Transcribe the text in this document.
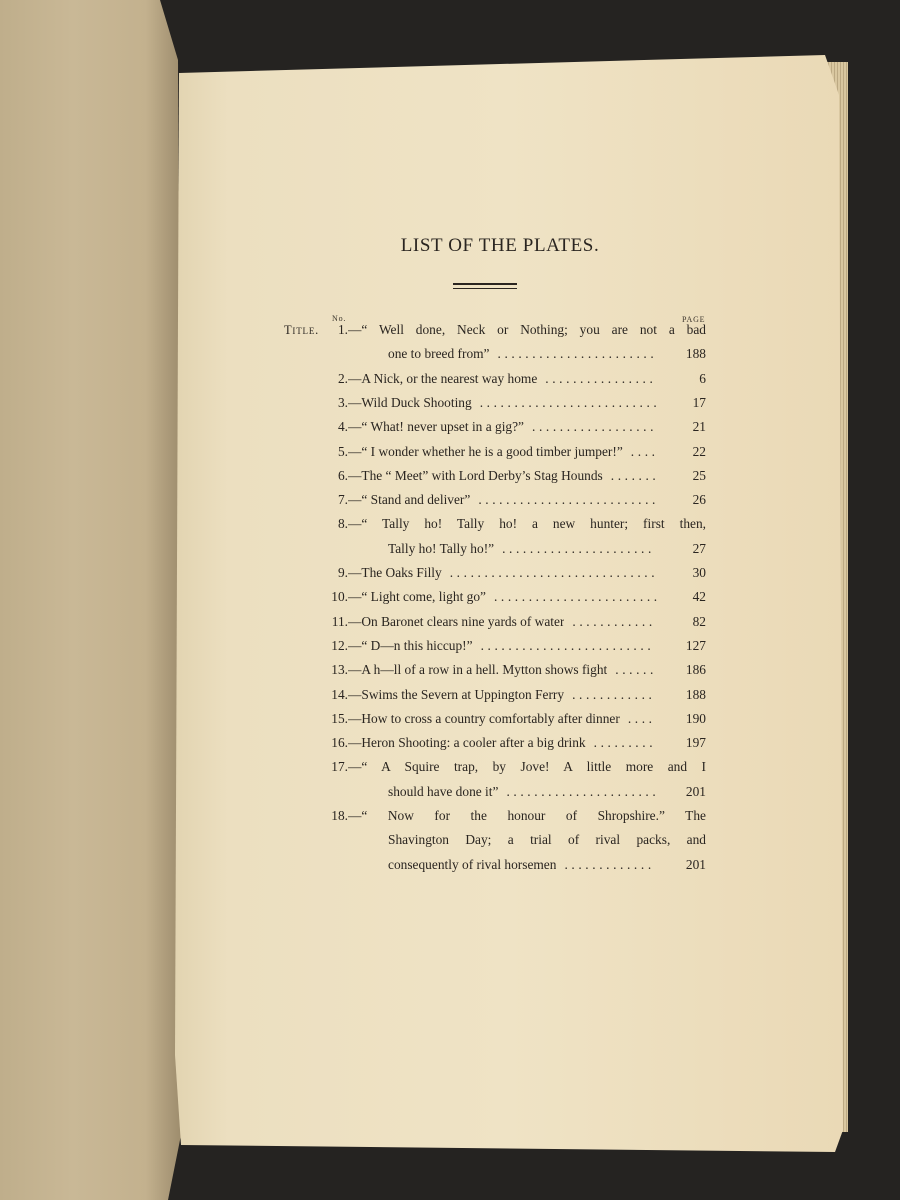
LIST OF THE PLATES.
No.	PAGE
Title.	1. —“ Well done, Neck or Nothing; you are not a bad
one to breed from” .......................	188
2. —A Nick, or the nearest way home ................	6
3. —Wild Duck Shooting ..........................	17
4. —“ What! never upset in a gig?” ..................	21
5. —“ I wonder whether he is a good timber jumper!” ....	22
6. —The “ Meet” with Lord Derby’s Stag Hounds .......	25
7. —“ Stand and deliver” ..........................	26
8. —“ Tally ho! Tally ho! a new hunter; first then,
Tally ho! Tally ho!” ......................	27
9. —The Oaks Filly ..............................	30
10. —“ Light come, light go” ........................	42
11. —On Baronet clears nine yards of water ............	82
12. —“ D—n this hiccup!” .........................	127
13. —A h—ll of a row in a hell. Mytton shows fight ......	186
14. —Swims the Severn at Uppington Ferry ............	188
15. —How to cross a country comfortably after dinner ....	190
16. —Heron Shooting: a cooler after a big drink .........	197
17. —“ A Squire trap, by Jove! A little more and I
should have done it” ......................	201
18. —“ Now for the honour of Shropshire.” The
Shavington Day; a trial of rival packs, and
consequently of rival horsemen .............	201
